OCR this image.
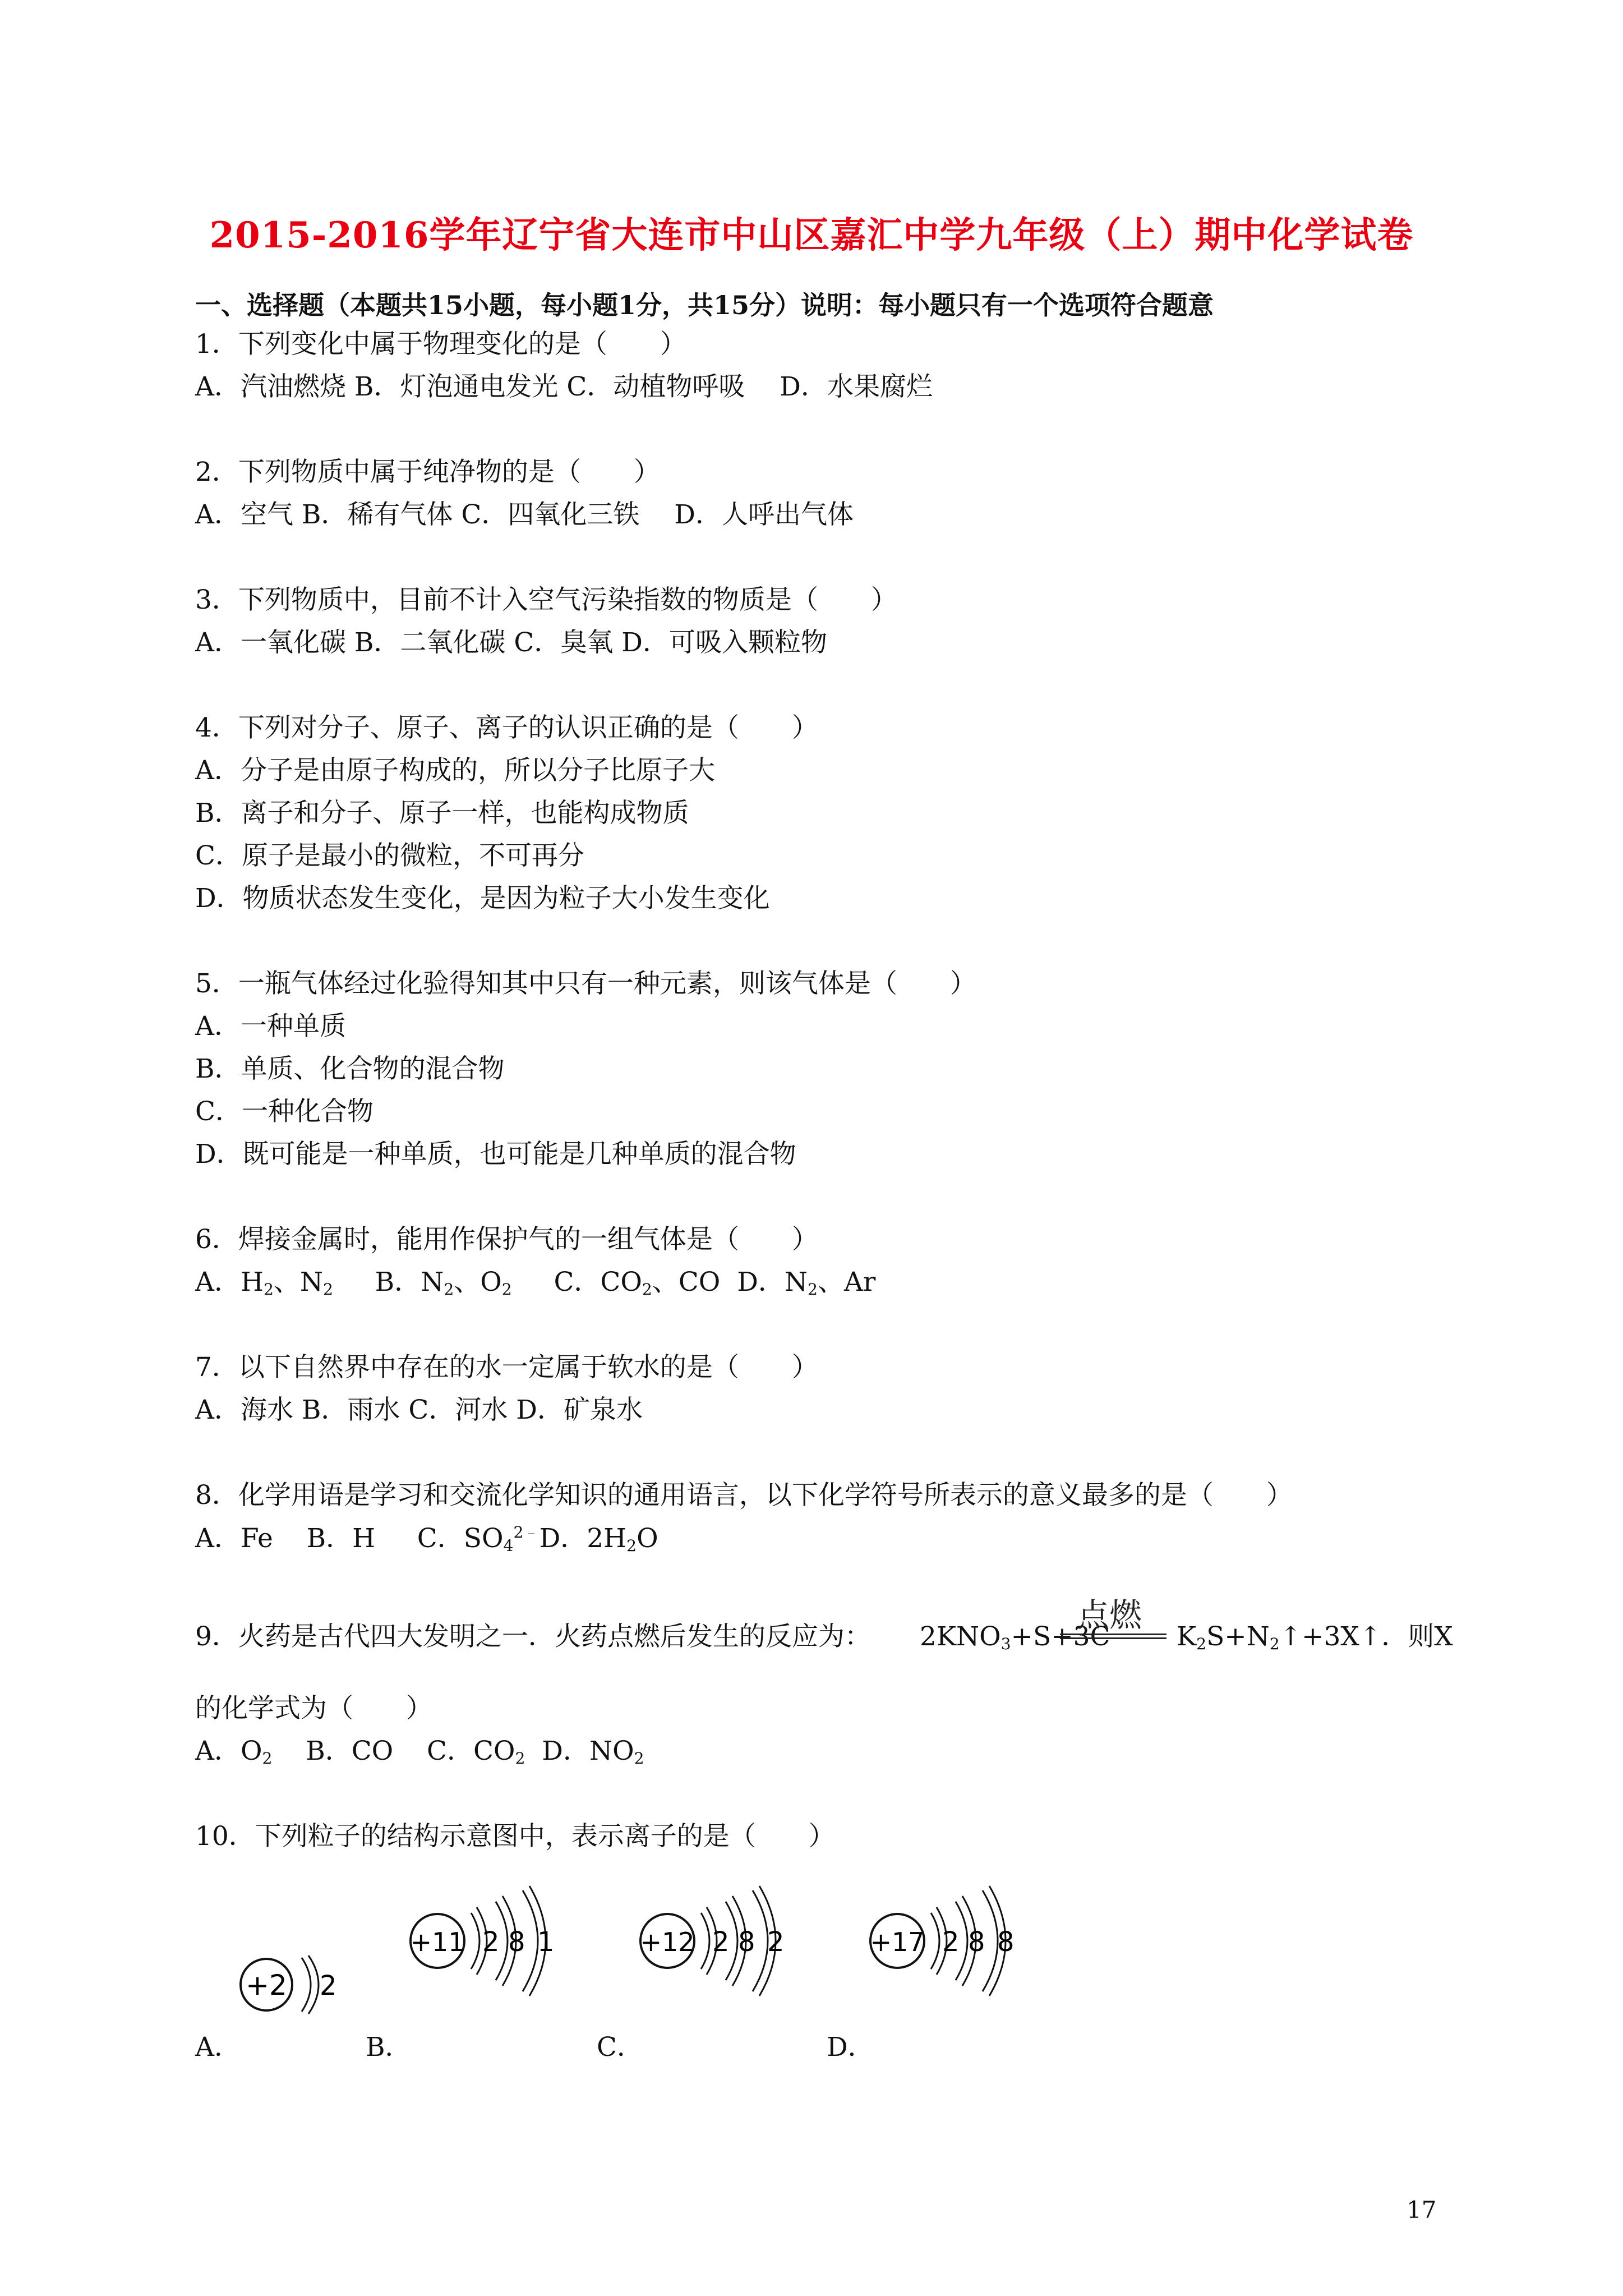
2015-2016学年辽宁省大连市中山区嘉汇中学九年级（上）期中化学试卷
一、选择题（本题共15小题，每小题1分，共15分）说明：每小题只有一个选项符合题意
1．下列变化中属于物理变化的是（　　）
A．汽油燃烧 B．灯泡通电发光 C．动植物呼吸　 D．水果腐烂
2．下列物质中属于纯净物的是（　　）
A．空气 B．稀有气体 C．四氧化三铁　 D．人呼出气体
3．下列物质中，目前不计入空气污染指数的物质是（　　）
A．一氧化碳 B．二氧化碳 C．臭氧 D．可吸入颗粒物
4．下列对分子、原子、离子的认识正确的是（　　）
A．分子是由原子构成的，所以分子比原子大
B．离子和分子、原子一样，也能构成物质
C．原子是最小的微粒，不可再分
D．物质状态发生变化，是因为粒子大小发生变化
5．一瓶气体经过化验得知其中只有一种元素，则该气体是（　　）
A．一种单质
B．单质、化合物的混合物
C．一种化合物
D．既可能是一种单质，也可能是几种单质的混合物
6．焊接金属时，能用作保护气的一组气体是（　　）
A．$H_2$、$N_2$ B．$N_2$、$O_2$ C．$CO_2$、CO D．$N_2$、Ar
7．以下自然界中存在的水一定属于软水的是（　　）
A．海水 B．雨水 C．河水 D．矿泉水
8．化学用语是学习和交流化学知识的通用语言，以下化学符号所表示的意义最多的是（　　）
A．Fe B．H C．$SO_4^{2﹣}D$．$2H_2O$
9．火药是古代四大发明之一．火药点燃后发生的反应为： $2KNO_3+S+3C$
点燃
$K_2S+N_2↑+3X↑$．则X
的化学式为（　　）
A．$O_2$ B．CO C．$CO_2$ D．$NO_2$
10．下列粒子的结构示意图中，表示离子的是（　　）
A．	B．	C．	D．
+2 2
+11 2 8 1	+12 2 8 2	+17 2 8 8
17
